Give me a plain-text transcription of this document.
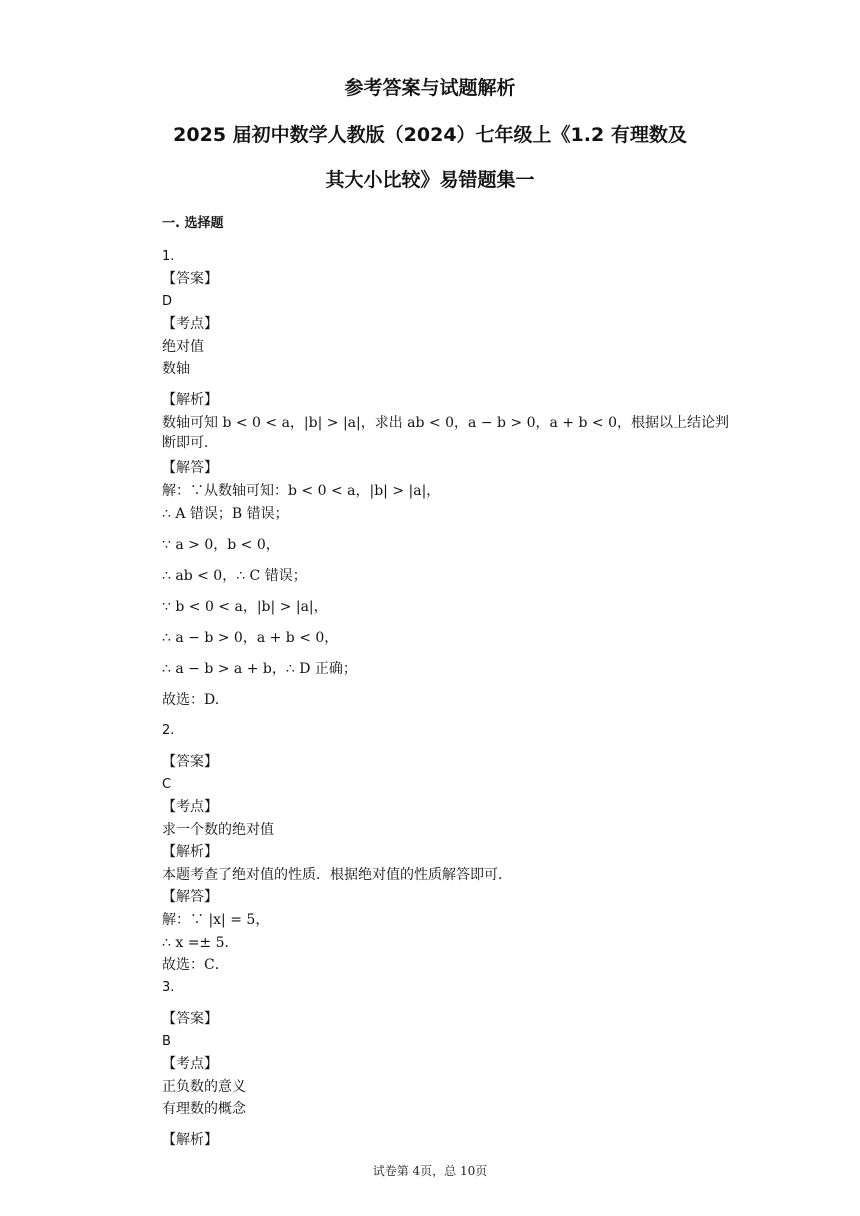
参考答案与试题解析
2025 届初中数学人教版（2024）七年级上《1.2 有理数及
其大小比较》易错题集一
一. 选择题
1.
【答案】
D
【考点】
绝对值
数轴
【解析】
数轴可知 b < 0 < a，|b| > |a|，求出 ab < 0，a − b > 0，a + b < 0，根据以上结论判断即可．
【解答】
解：∵从数轴可知：b < 0 < a，|b| > |a|，
∴ A 错误；B 错误；
∵ a > 0，b < 0，
∴ ab < 0，∴ C 错误；
∵ b < 0 < a，|b| > |a|，
∴ a − b > 0，a + b < 0，
∴ a − b > a + b，∴ D 正确；
故选：D.
2.
【答案】
C
【考点】
求一个数的绝对值
【解析】
本题考查了绝对值的性质．根据绝对值的性质解答即可．
【解答】
解：∵ |x| = 5，
∴ x =± 5．
故选：C．
3.
【答案】
B
【考点】
正负数的意义
有理数的概念
【解析】
试卷第 4页，总 10页
